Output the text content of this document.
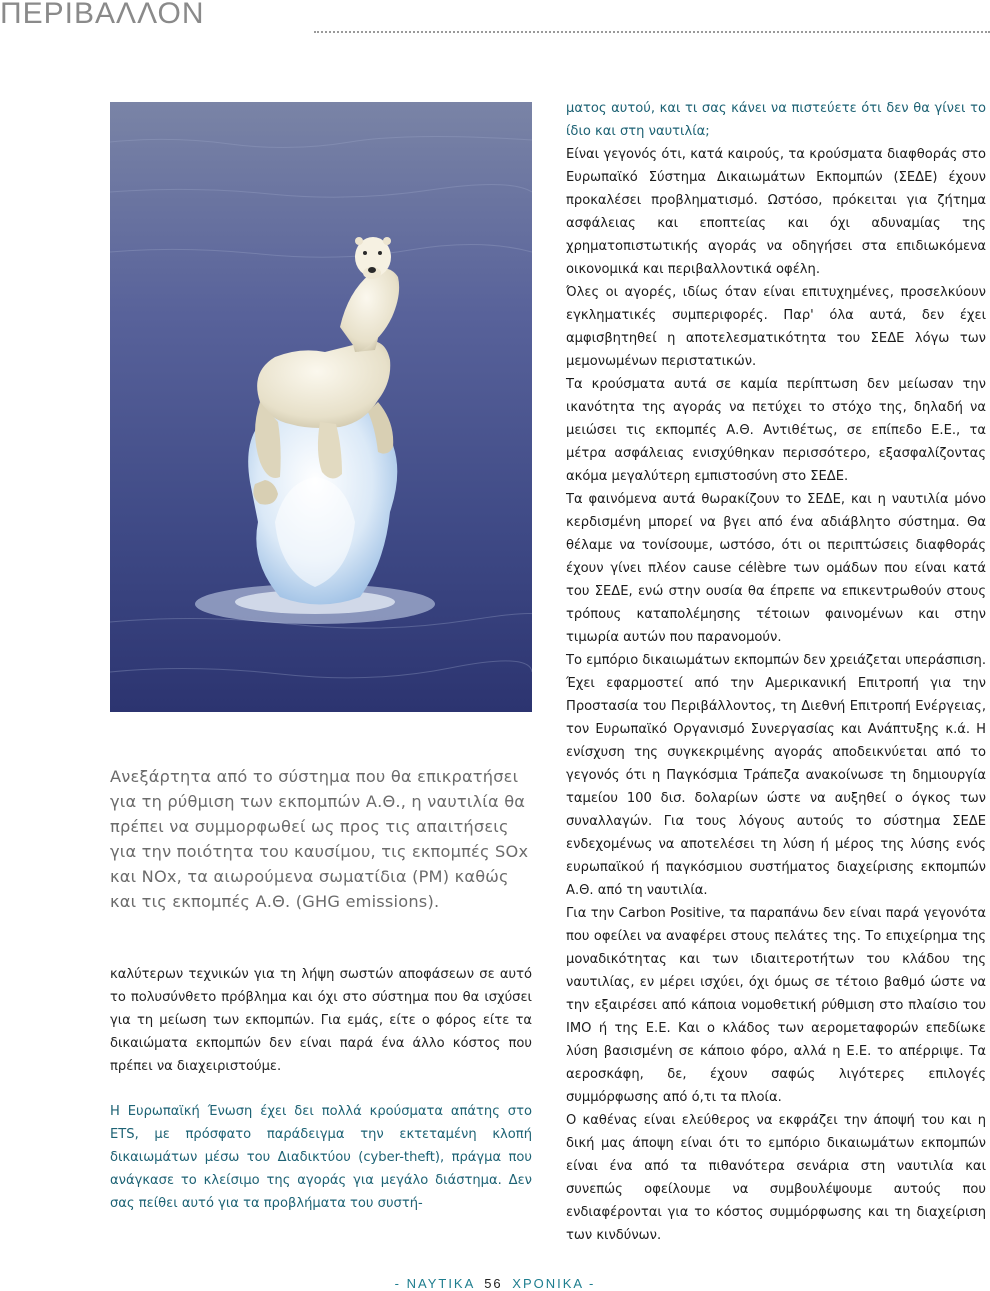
ΠΕΡΙΒΑΛΛΟΝ

Ανεξάρτητα από το σύστημα που θα επικρατήσει για τη ρύθμιση των εκπομπών Α.Θ., η ναυτιλία θα πρέπει να συμμορφωθεί ως προς τις απαιτήσεις για την ποιότητα του καυσίμου, τις εκπομπές SOx και NOx, τα αιωρούμενα σωματίδια (PM) καθώς και τις εκπομπές Α.Θ. (GHG emissions).

καλύτερων τεχνικών για τη λήψη σωστών αποφάσεων σε αυτό το πολυσύνθετο πρόβλημα και όχι στο σύστημα που θα ισχύσει για τη μείωση των εκπομπών. Για εμάς, είτε ο φόρος είτε τα δικαιώματα εκπομπών δεν είναι παρά ένα άλλο κόστος που πρέπει να διαχειριστούμε.

Η Ευρωπαϊκή Ένωση έχει δει πολλά κρούσματα απάτης στο ETS, με πρόσφατο παράδειγμα την εκτεταμένη κλοπή δικαιωμάτων μέσω του Διαδικτύου (cyber-theft), πράγμα που ανάγκασε το κλείσιμο της αγοράς για μεγάλο διάστημα. Δεν σας πείθει αυτό για τα προβλήματα του συστή-

ματος αυτού, και τι σας κάνει να πιστεύετε ότι δεν θα γίνει το ίδιο και στη ναυτιλία;

Είναι γεγονός ότι, κατά καιρούς, τα κρούσματα διαφθοράς στο Ευρωπαϊκό Σύστημα Δικαιωμάτων Εκπομπών (ΣΕΔΕ) έχουν προκαλέσει προβληματισμό. Ωστόσο, πρόκειται για ζήτημα ασφάλειας και εποπτείας και όχι αδυναμίας της χρηματοπιστωτικής αγοράς να οδηγήσει στα επιδιωκόμενα οικονομικά και περιβαλλοντικά οφέλη.

Όλες οι αγορές, ιδίως όταν είναι επιτυχημένες, προσελκύουν εγκληματικές συμπεριφορές. Παρ' όλα αυτά, δεν έχει αμφισβητηθεί η αποτελεσματικότητα του ΣΕΔΕ λόγω των μεμονωμένων περιστατικών.

Τα κρούσματα αυτά σε καμία περίπτωση δεν μείωσαν την ικανότητα της αγοράς να πετύχει το στόχο της, δηλαδή να μειώσει τις εκπομπές Α.Θ. Αντιθέτως, σε επίπεδο Ε.Ε., τα μέτρα ασφάλειας ενισχύθηκαν περισσότερο, εξασφαλίζοντας ακόμα μεγαλύτερη εμπιστοσύνη στο ΣΕΔΕ.

Τα φαινόμενα αυτά θωρακίζουν το ΣΕΔΕ, και η ναυτιλία μόνο κερδισμένη μπορεί να βγει από ένα αδιάβλητο σύστημα. Θα θέλαμε να τονίσουμε, ωστόσο, ότι οι περιπτώσεις διαφθοράς έχουν γίνει πλέον cause célèbre των ομάδων που είναι κατά του ΣΕΔΕ, ενώ στην ουσία θα έπρεπε να επικεντρωθούν στους τρόπους καταπολέμησης τέτοιων φαινομένων και στην τιμωρία αυτών που παρανομούν.

Το εμπόριο δικαιωμάτων εκπομπών δεν χρειάζεται υπεράσπιση. Έχει εφαρμοστεί από την Αμερικανική Επιτροπή για την Προστασία του Περιβάλλοντος, τη Διεθνή Επιτροπή Ενέργειας, τον Ευρωπαϊκό Οργανισμό Συνεργασίας και Ανάπτυξης κ.ά. Η ενίσχυση της συγκεκριμένης αγοράς αποδεικνύεται από το γεγονός ότι η Παγκόσμια Τράπεζα ανακοίνωσε τη δημιουργία ταμείου 100 δισ. δολαρίων ώστε να αυξηθεί ο όγκος των συναλλαγών. Για τους λόγους αυτούς το σύστημα ΣΕΔΕ ενδεχομένως να αποτελέσει τη λύση ή μέρος της λύσης ενός ευρωπαϊκού ή παγκόσμιου συστήματος διαχείρισης εκπομπών Α.Θ. από τη ναυτιλία.

Για την Carbon Positive, τα παραπάνω δεν είναι παρά γεγονότα που οφείλει να αναφέρει στους πελάτες της. Το επιχείρημα της μοναδικότητας και των ιδιαιτεροτήτων του κλάδου της ναυτιλίας, εν μέρει ισχύει, όχι όμως σε τέτοιο βαθμό ώστε να την εξαιρέσει από κάποια νομοθετική ρύθμιση στο πλαίσιο του ΙΜΟ ή της Ε.Ε. Και ο κλάδος των αερομεταφορών επεδίωκε λύση βασισμένη σε κάποιο φόρο, αλλά η Ε.Ε. το απέρριψε. Τα αεροσκάφη, δε, έχουν σαφώς λιγότερες επιλογές συμμόρφωσης από ό,τι τα πλοία.

Ο καθένας είναι ελεύθερος να εκφράζει την άποψή του και η δική μας άποψη είναι ότι το εμπόριο δικαιωμάτων εκπομπών είναι ένα από τα πιθανότερα σενάρια στη ναυτιλία και συνεπώς οφείλουμε να συμβουλέψουμε αυτούς που ενδιαφέρονται για το κόστος συμμόρφωσης και τη διαχείριση των κινδύνων.

- ΝΑΥΤΙΚΑ 56 ΧΡΟΝΙΚΑ -
